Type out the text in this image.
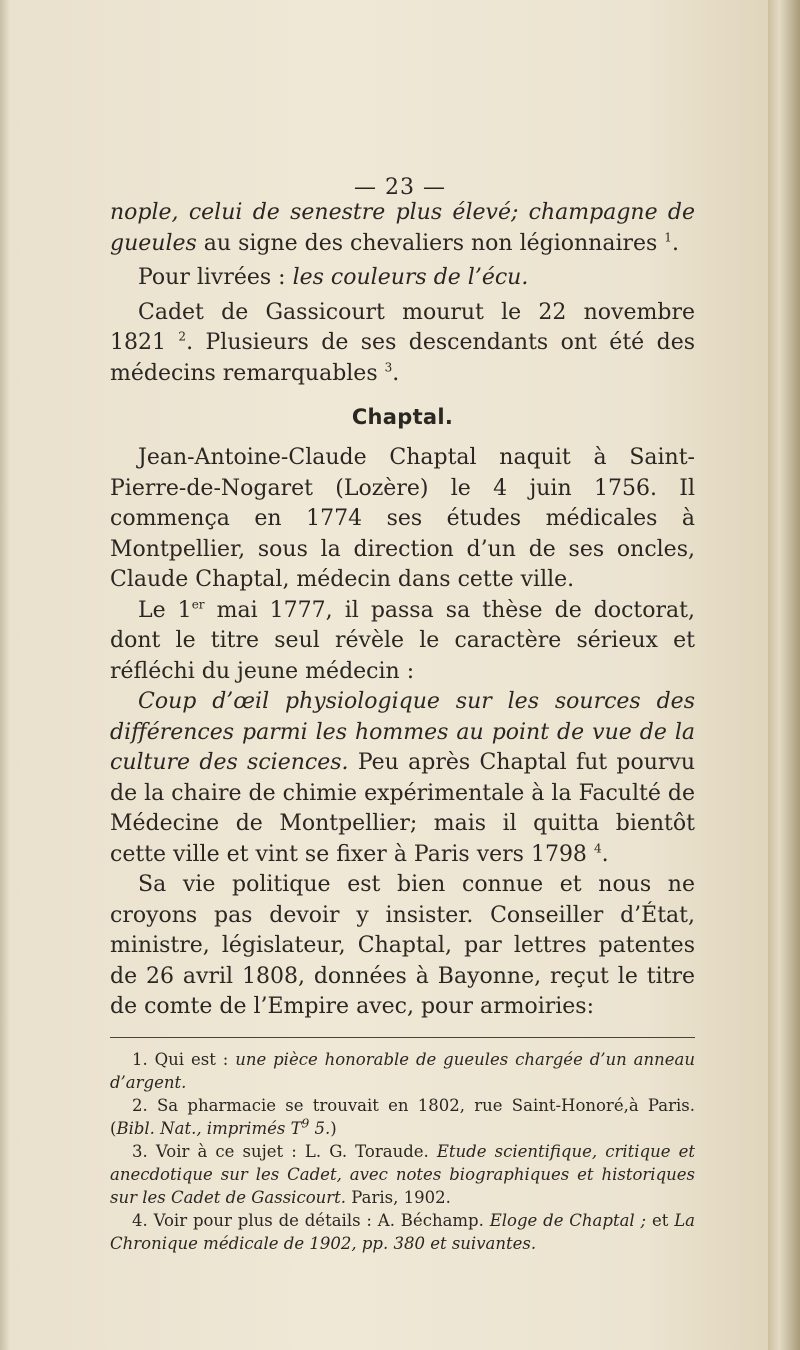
— 23 —

nople, celui de senestre plus élevé; champagne de gueules au signe des chevaliers non légionnaires $^1$.

Pour livrées : les couleurs de l’écu.

Cadet de Gassicourt mourut le 22 novembre 1821 $^2$. Plusieurs de ses descendants ont été des médecins remarquables $^3$.

Chaptal.

Jean-Antoine-Claude Chaptal naquit à Saint-Pierre-de-Nogaret (Lozère) le 4 juin 1756. Il commença en 1774 ses études médicales à Montpellier, sous la direction d’un de ses oncles, Claude Chaptal, médecin dans cette ville.

Le 1er mai 1777, il passa sa thèse de doctorat, dont le titre seul révèle le caractère sérieux et réfléchi du jeune médecin :

Coup d’œil physiologique sur les sources des différences parmi les hommes au point de vue de la culture des sciences. Peu après Chaptal fut pourvu de la chaire de chimie expérimentale à la Faculté de Médecine de Montpellier; mais il quitta bientôt cette ville et vint se fixer à Paris vers 1798 $^4$.

Sa vie politique est bien connue et nous ne croyons pas devoir y insister. Conseiller d’État, ministre, législateur, Chaptal, par lettres patentes de 26 avril 1808, données à Bayonne, reçut le titre de comte de l’Empire avec, pour armoiries:

1. Qui est : une pièce honorable de gueules chargée d’un anneau d’argent.

2. Sa pharmacie se trouvait en 1802, rue Saint-Honoré,à Paris. (Bibl. Nat., imprimés $T^9$ 5.)

3. Voir à ce sujet : L. G. Toraude. Etude scientifique, critique et anecdotique sur les Cadet, avec notes biographiques et historiques sur les Cadet de Gassicourt. Paris, 1902.

4. Voir pour plus de détails : A. Béchamp. Eloge de Chaptal ; et La Chronique médicale de 1902, pp. 380 et suivantes.
